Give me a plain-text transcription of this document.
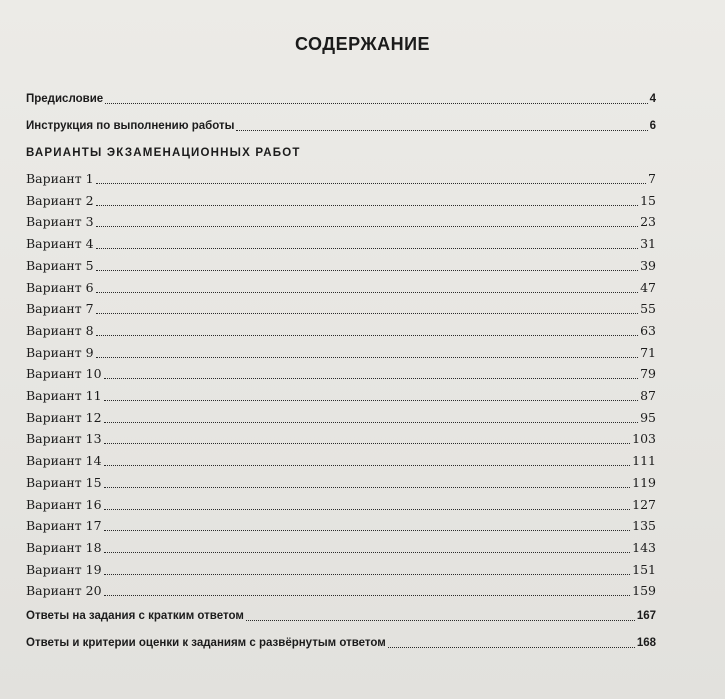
СОДЕРЖАНИЕ
Предисловие	4
Инструкция по выполнению работы	6
ВАРИАНТЫ ЭКЗАМЕНАЦИОННЫХ РАБОТ
Вариант 1	7
Вариант 2	15
Вариант 3	23
Вариант 4	31
Вариант 5	39
Вариант 6	47
Вариант 7	55
Вариант 8	63
Вариант 9	71
Вариант 10	79
Вариант 11	87
Вариант 12	95
Вариант 13	103
Вариант 14	111
Вариант 15	119
Вариант 16	127
Вариант 17	135
Вариант 18	143
Вариант 19	151
Вариант 20	159
Ответы на задания с кратким ответом	167
Ответы и критерии оценки к заданиям с развёрнутым ответом	168
